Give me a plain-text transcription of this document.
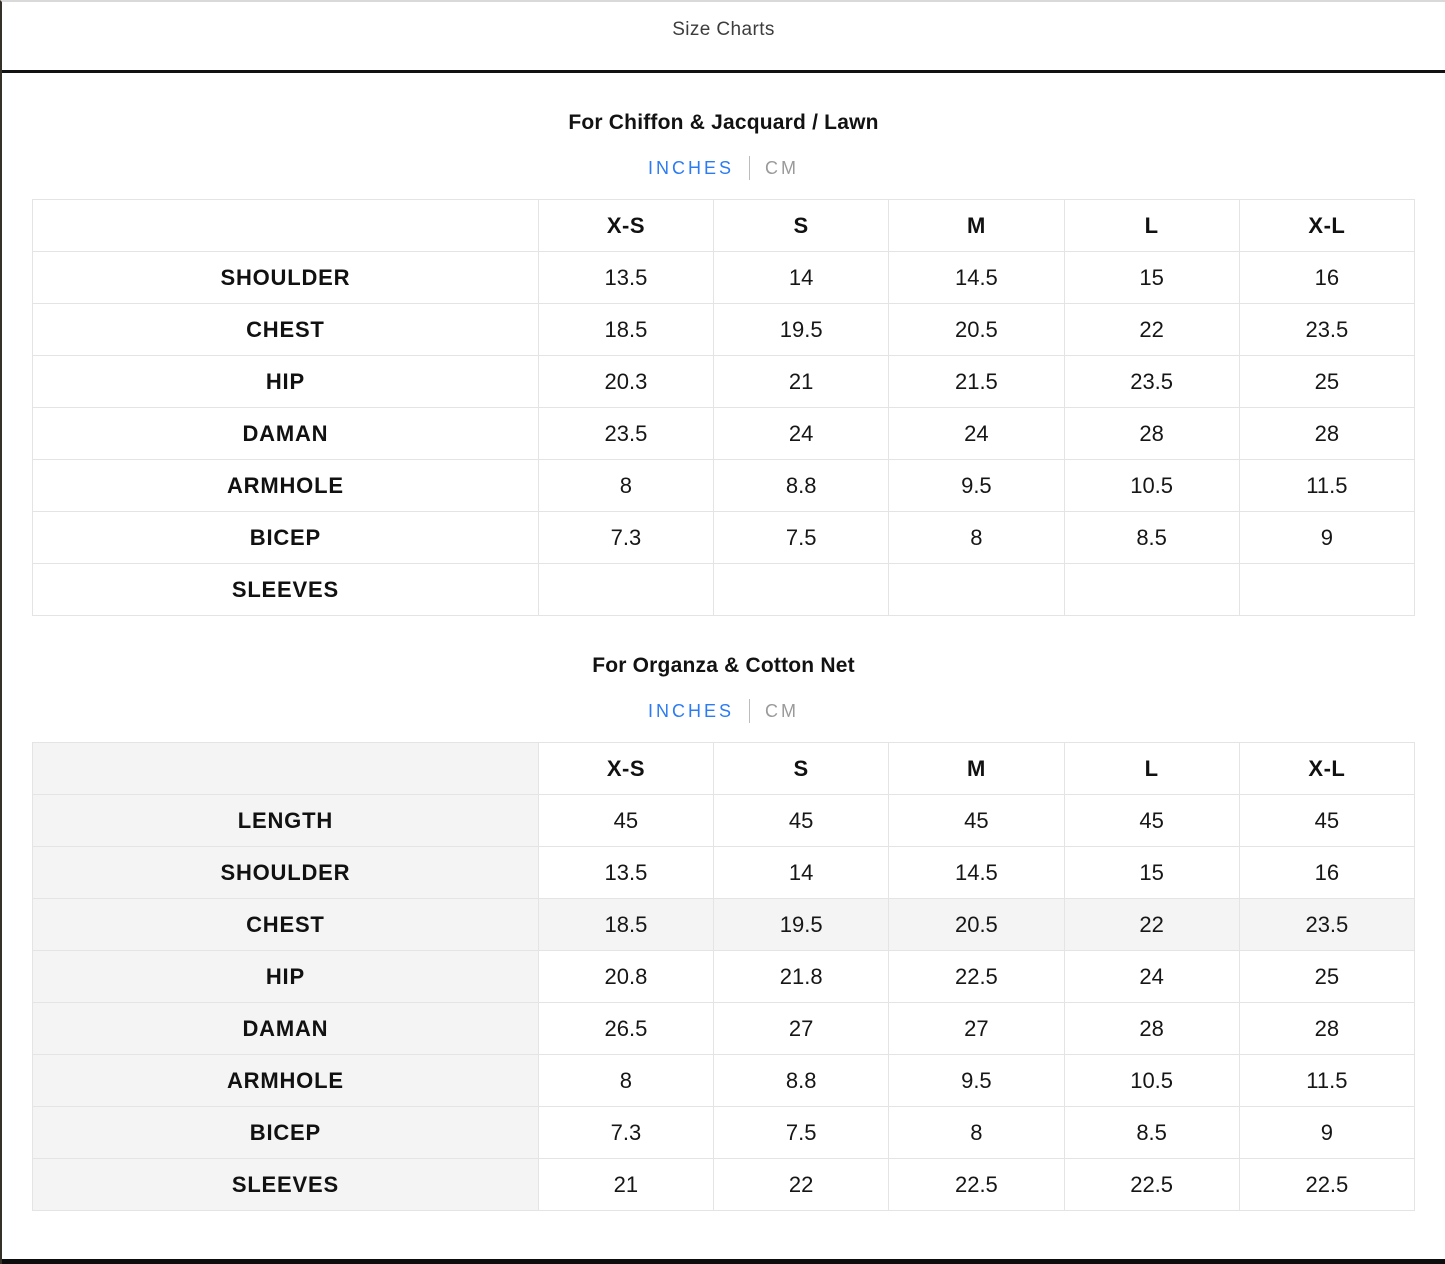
Size Charts
For Chiffon & Jacquard / Lawn
INCHES CM
	X-S	S	M	L	X-L
SHOULDER	13.5	14	14.5	15	16
CHEST	18.5	19.5	20.5	22	23.5
HIP	20.3	21	21.5	23.5	25
DAMAN	23.5	24	24	28	28
ARMHOLE	8	8.8	9.5	10.5	11.5
BICEP	7.3	7.5	8	8.5	9
SLEEVES					
For Organza & Cotton Net
INCHES CM
	X-S	S	M	L	X-L
LENGTH	45	45	45	45	45
SHOULDER	13.5	14	14.5	15	16
CHEST	18.5	19.5	20.5	22	23.5
HIP	20.8	21.8	22.5	24	25
DAMAN	26.5	27	27	28	28
ARMHOLE	8	8.8	9.5	10.5	11.5
BICEP	7.3	7.5	8	8.5	9
SLEEVES	21	22	22.5	22.5	22.5
